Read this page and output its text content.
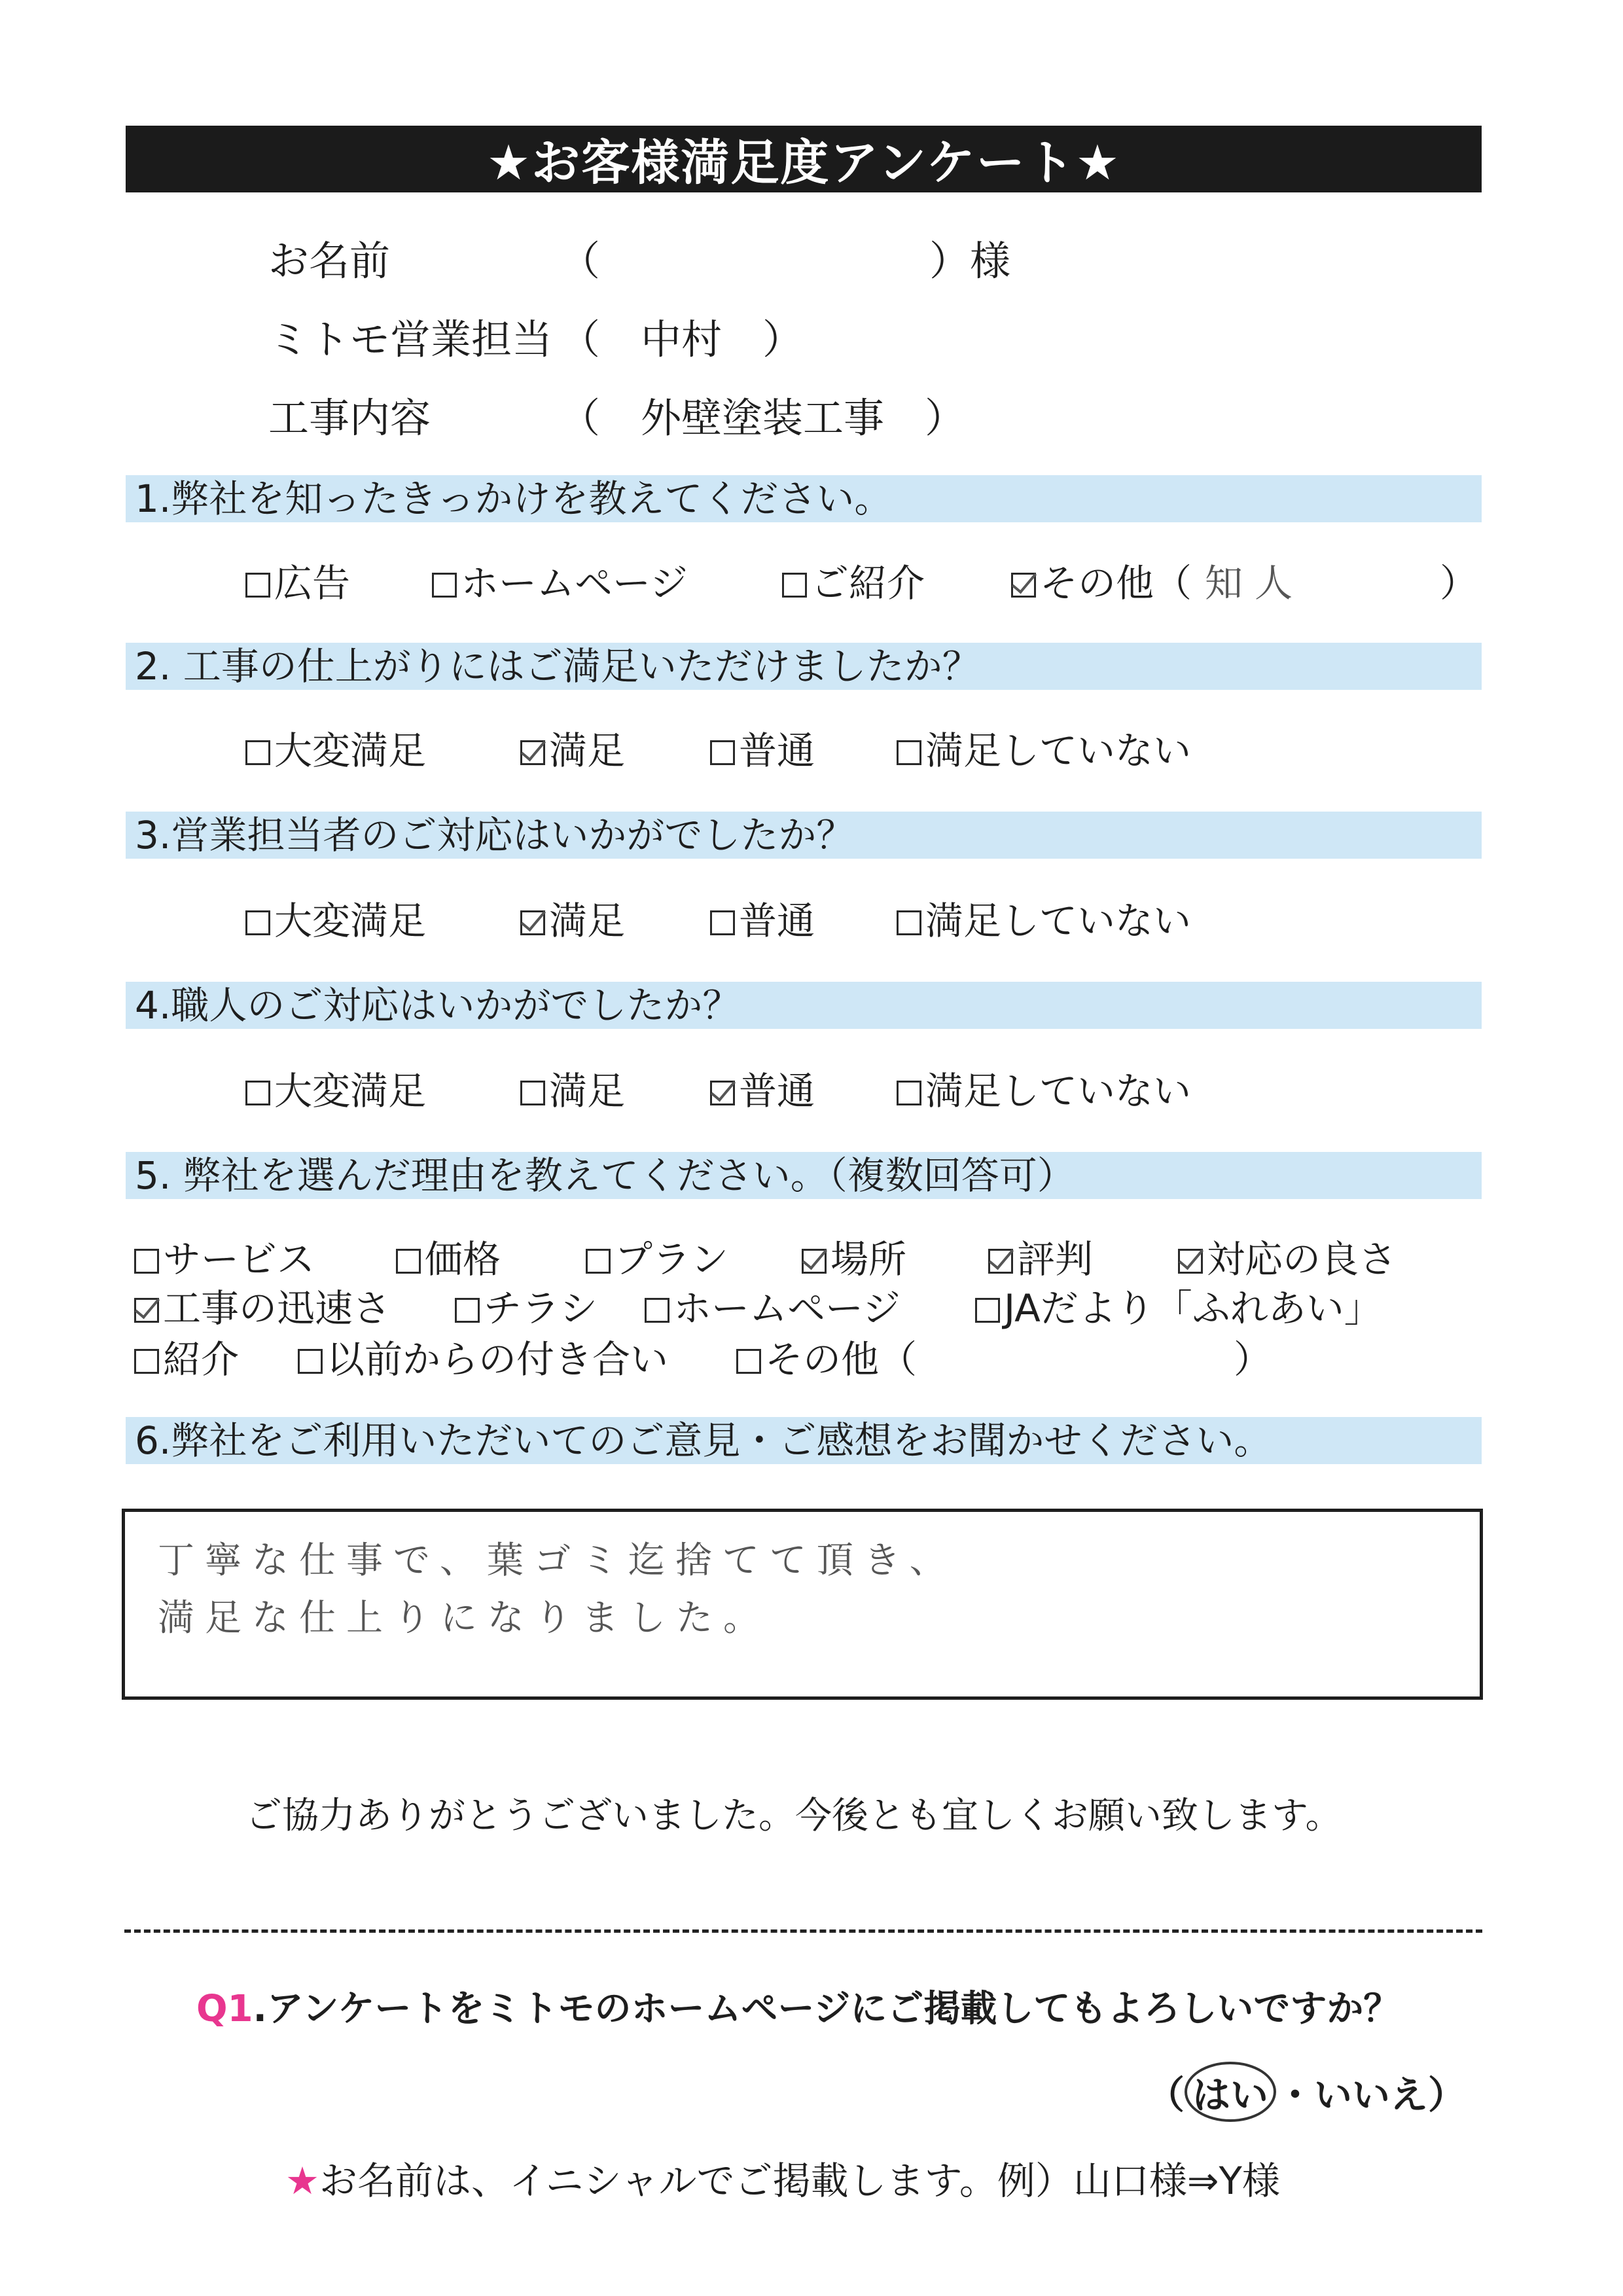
★お客様満足度アンケート★
お名前	（	）様
ミトモ営業担当 （　中村　）
工事内容	（　外壁塗装工事　）
1.弊社を知ったきっかけを教えてください。
広告	ホームページ	ご紹介	その他（ 知人	）
2. 工事の仕上がりにはご満足いただけましたか？
大変満足	満足	普通	満足していない
3.営業担当者のご対応はいかがでしたか？
大変満足	満足	普通	満足していない
4.職人のご対応はいかがでしたか？
大変満足	満足	普通	満足していない
5. 弊社を選んだ理由を教えてください。（複数回答可）
サービス	価格	プラン	場所	評判	対応の良さ
工事の迅速さ	チラシ	ホームページ	JAだより「ふれあい」
紹介	以前からの付き合い	その他（	）
6.弊社をご利用いただいてのご意見・ご感想をお聞かせください。
丁寧な仕事で、葉ゴミ迄捨てて頂き、
満足な仕上りになりました。
ご協力ありがとうございました。今後とも宜しくお願い致します。
Q1.アンケートをミトモのホームページにご掲載してもよろしいですか？
（ はい ・いいえ）
★お名前は、イニシャルでご掲載します。例）山口様⇒Y様
